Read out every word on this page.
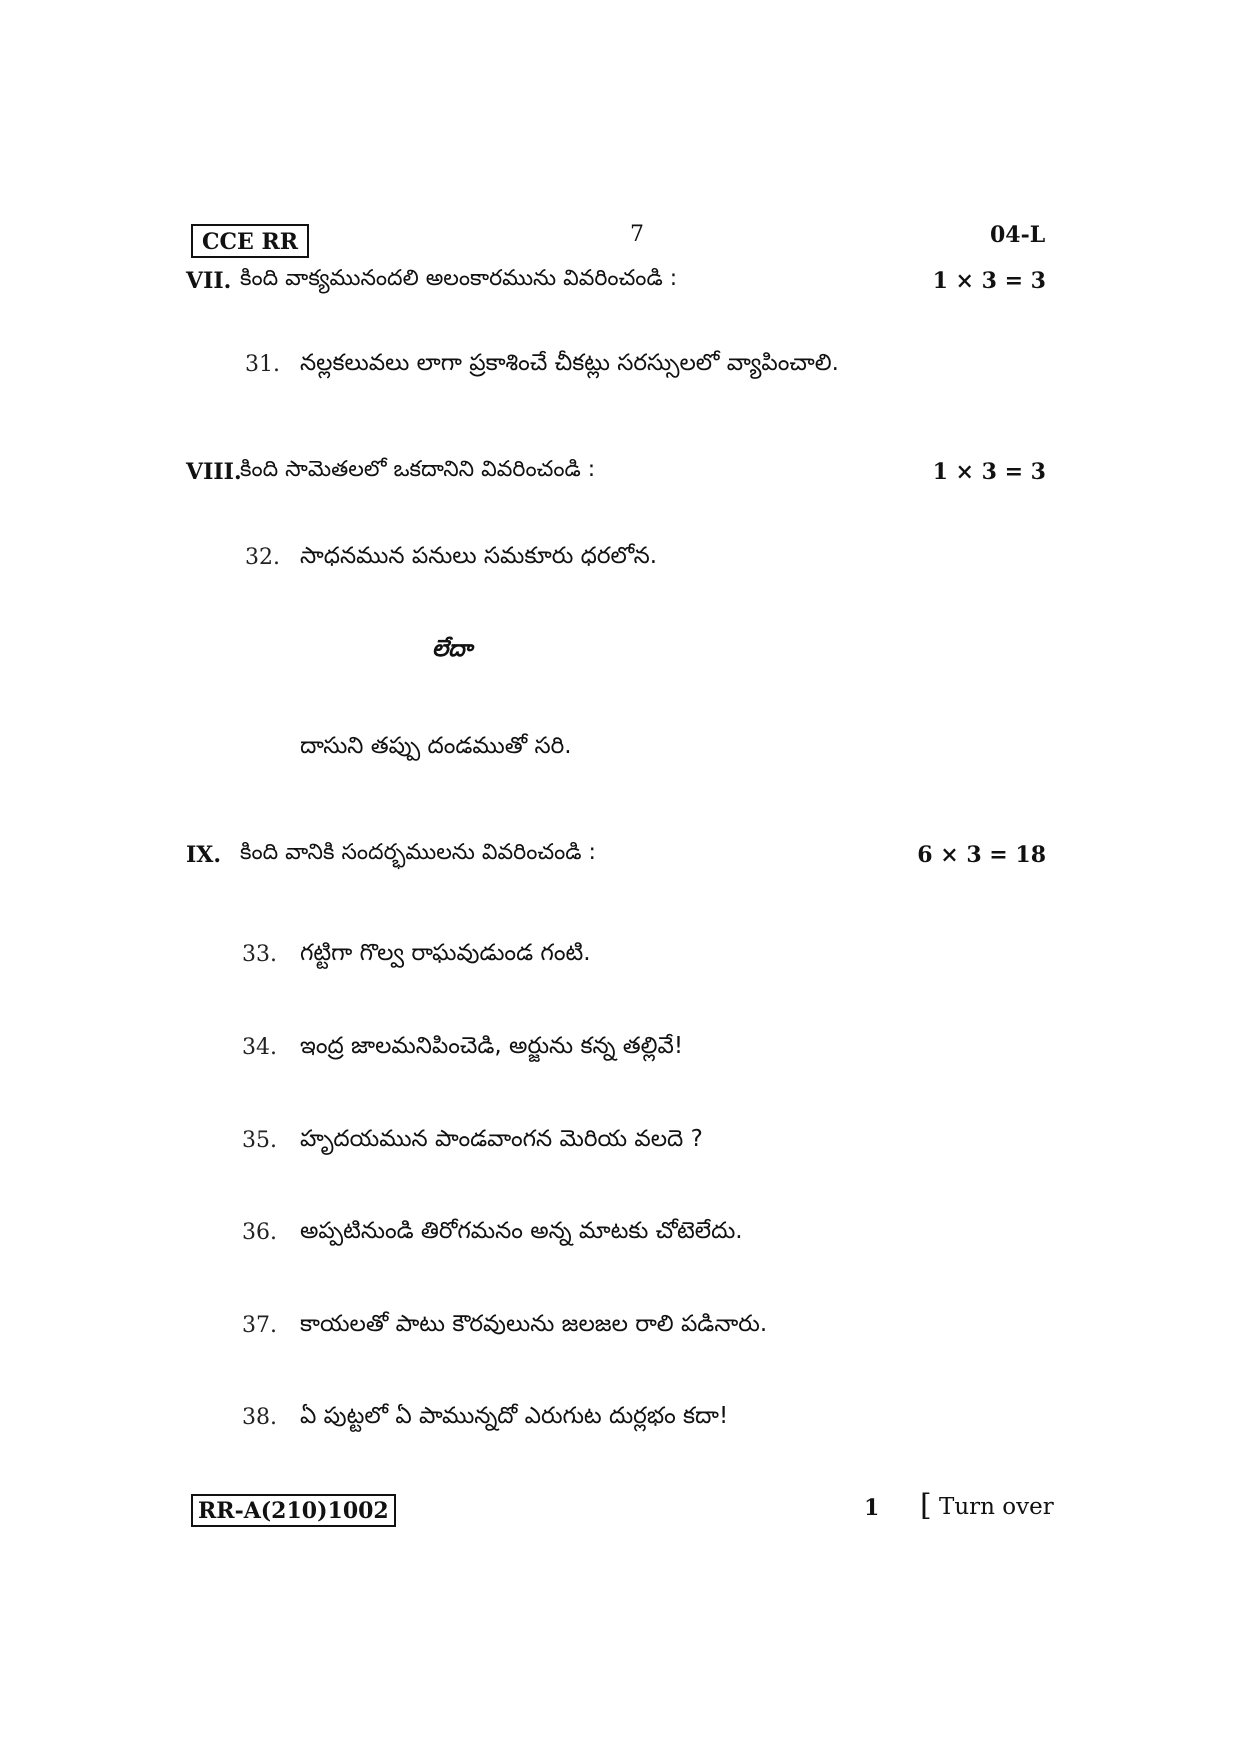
CCE RR	7	04-L
VII. కింది వాక్యమునందలి అలంకారమును వివరించండి :	1 × 3 = 3
31. నల్లకలువలు లాగా ప్రకాశించే చీకట్లు సరస్సులలో వ్యాపించాలి.
VIII.
కింది సామెతలలో ఒకదానిని వివరించండి :	1 × 3 = 3
32. సాధనమున పనులు సమకూరు ధరలోన.
లేదా
దాసుని తప్పు దండముతో సరి.
IX. కింది వానికి సందర్భములను వివరించండి :	6 × 3 = 18
33. గట్టిగా గొల్వ రాఘవుడుండ గంటి.
34. ఇంద్ర జాలమనిపించెడి, అర్జును కన్న తల్లివే!
35. హృదయమున పాండవాంగన మెరియ వలదె ?
36. అప్పటినుండి తిరోగమనం అన్న మాటకు చోటెలేదు.
37. కాయలతో పాటు కౌరవులును జలజల రాలి పడినారు.
38. ఏ పుట్టలో ఏ పామున్నదో ఎరుగుట దుర్లభం కదా!
RR-A(210)1002	1 [ Turn over
